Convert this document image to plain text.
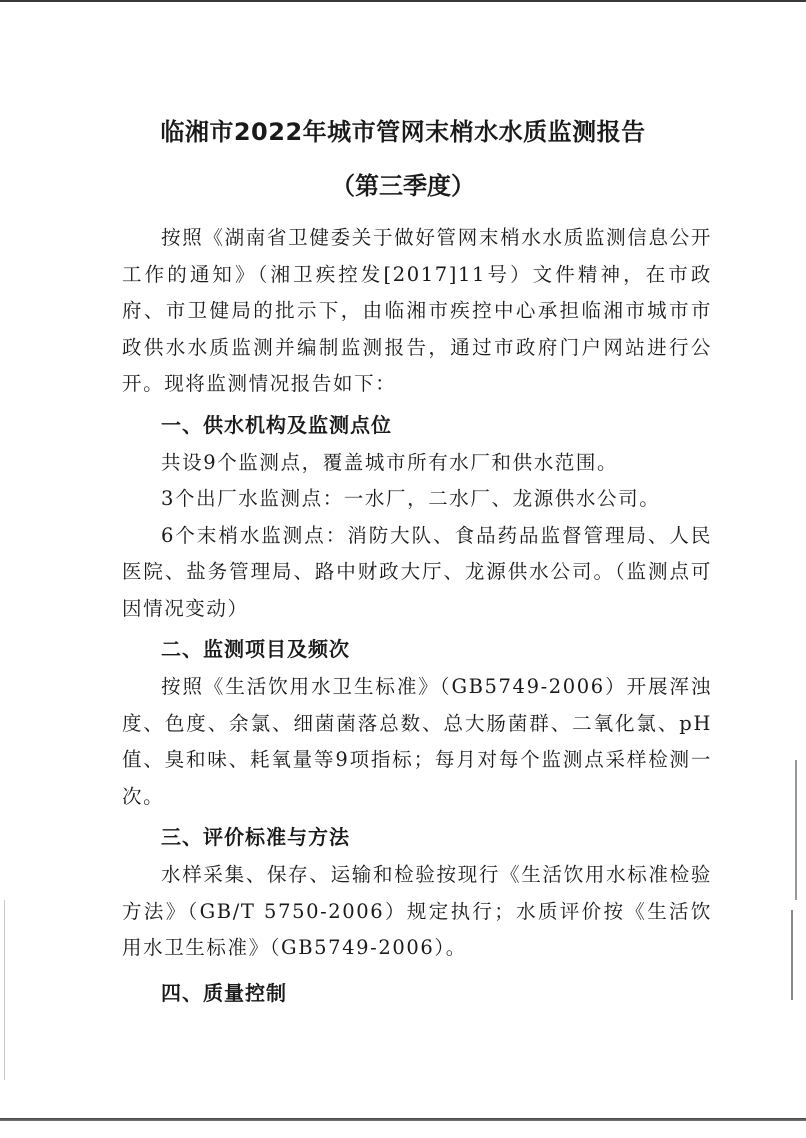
临湘市2022年城市管网末梢水水质监测报告
（第三季度）

按照《湖南省卫健委关于做好管网末梢水水质监测信息公开工作的通知》（湘卫疾控发[2017]11号）文件精神，在市政府、市卫健局的批示下，由临湘市疾控中心承担临湘市城市市政供水水质监测并编制监测报告，通过市政府门户网站进行公开。现将监测情况报告如下：

一、供水机构及监测点位

共设9个监测点，覆盖城市所有水厂和供水范围。

3个出厂水监测点：一水厂，二水厂、龙源供水公司。

6个末梢水监测点：消防大队、食品药品监督管理局、人民医院、盐务管理局、路中财政大厅、龙源供水公司。（监测点可因情况变动）

二、监测项目及频次

按照《生活饮用水卫生标准》（GB5749-2006）开展浑浊度、色度、余氯、细菌菌落总数、总大肠菌群、二氧化氯、pH值、臭和味、耗氧量等9项指标；每月对每个监测点采样检测一次。

三、评价标准与方法

水样采集、保存、运输和检验按现行《生活饮用水标准检验方法》（GB/T 5750-2006）规定执行；水质评价按《生活饮用水卫生标准》（GB5749-2006）。

四、质量控制
